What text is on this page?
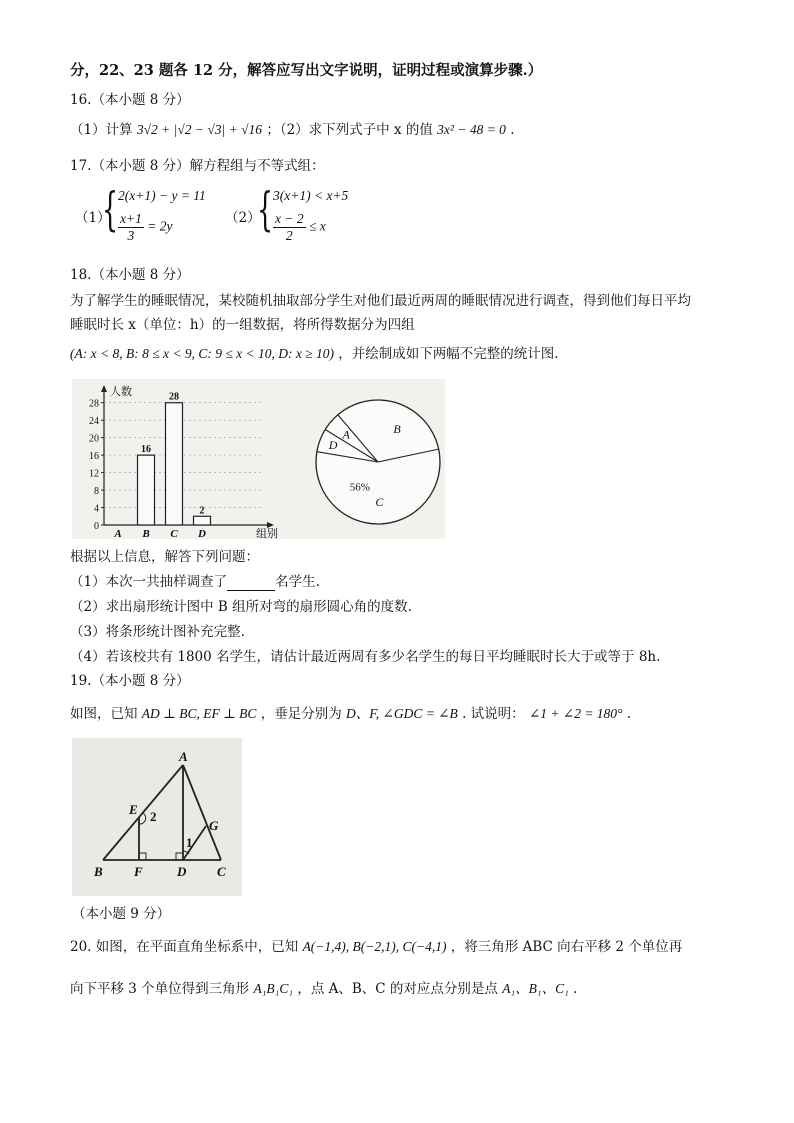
分，22、23 题各 12 分，解答应写出文字说明，证明过程或演算步骤.）
16.（本小题 8 分）
（1）计算 3√2 + |√2 − √3| + √16 ；（2）求下列式子中 x 的值 3x² − 48 = 0 .
17.（本小题 8 分）解方程组与不等式组：
（1）
{ 2(x+1) − y = 11
$\frac{x+1}{3} = 2y$
（2）
{ 3(x+1) < x+5
$\frac{x - 2}{2} \le x$
18.（本小题 8 分）
为了解学生的睡眠情况，某校随机抽取部分学生对他们最近两周的睡眠情况进行调查，得到他们每日平均
睡眠时长 x（单位：h）的一组数据，将所得数据分为四组
(A: x < 8, B: 8 ≤ x < 9, C: 9 ≤ x < 10, D: x ≥ 10) ，并绘制成如下两幅不完整的统计图.
人数
组别
0
4
8
12
16
20
24
28
A B
16
C
28
D
2
A	B
C
D
56%
根据以上信息，解答下列问题：
（1）本次一共抽样调查了	名学生.
（2）求出扇形统计图中 B 组所对弯的扇形圆心角的度数.
（3）将条形统计图补充完整.
（4）若该校共有 1800 名学生，请估计最近两周有多少名学生的每日平均睡眠时长大于或等于 8h.
19.（本小题 8 分）
如图，已知 AD ⊥ BC, EF ⊥ BC ，垂足分别为 D、F, ∠GDC = ∠B . 试说明： ∠1 + ∠2 = 180° .
A
B	C
D
E
F
G
1
2
（本小题 9 分）
20. 如图，在平面直角坐标系中，已知 A(−1,4), B(−2,1), C(−4,1) ，将三角形 ABC 向右平移 2 个单位再
向下平移 3 个单位得到三角形 A₁B₁C₁ ，点 A、B、C 的对应点分别是点 A₁、B₁、C₁ .
